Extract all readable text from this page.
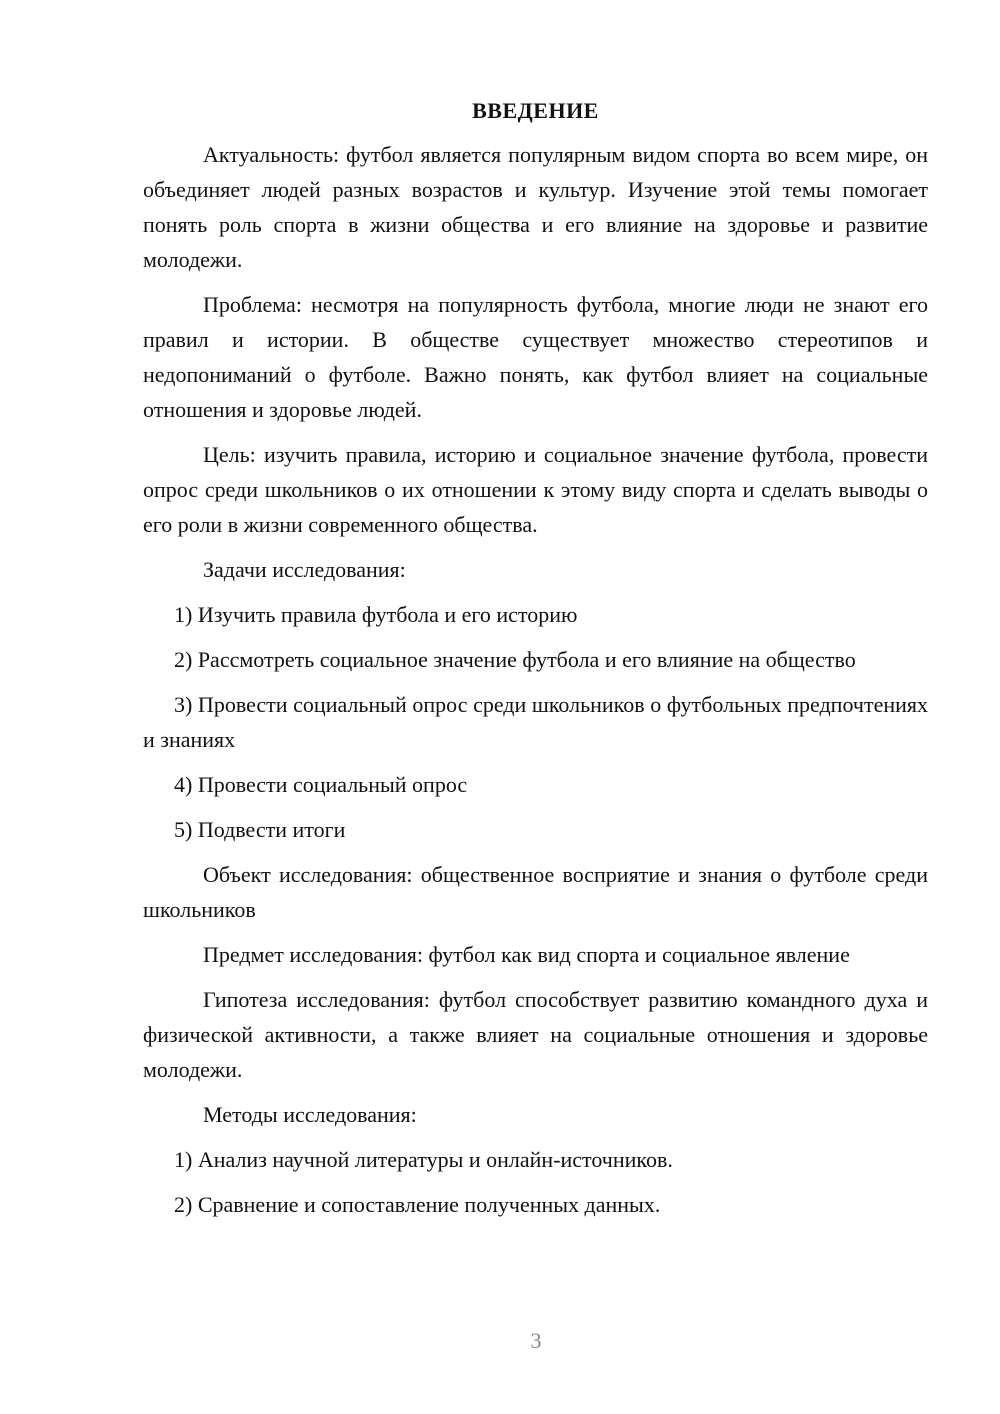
ВВЕДЕНИЕ

Актуальность: футбол является популярным видом спорта во всем мире, он объединяет людей разных возрастов и культур. Изучение этой темы помогает понять роль спорта в жизни общества и его влияние на здоровье и развитие молодежи.

Проблема: несмотря на популярность футбола, многие люди не знают его правил и истории. В обществе существует множество стереотипов и недопониманий о футболе. Важно понять, как футбол влияет на социальные отношения и здоровье людей.

Цель: изучить правила, историю и социальное значение футбола, провести опрос среди школьников о их отношении к этому виду спорта и сделать выводы о его роли в жизни современного общества.

Задачи исследования:

1) Изучить правила футбола и его историю

2) Рассмотреть социальное значение футбола и его влияние на общество

3) Провести социальный опрос среди школьников о футбольных предпочтениях и знаниях

4) Провести социальный опрос

5) Подвести итоги

Объект исследования: общественное восприятие и знания о футболе среди школьников

Предмет исследования: футбол как вид спорта и социальное явление

Гипотеза исследования: футбол способствует развитию командного духа и физической активности, а также влияет на социальные отношения и здоровье молодежи.

Методы исследования:

1) Анализ научной литературы и онлайн-источников.

2) Сравнение и сопоставление полученных данных.

3
